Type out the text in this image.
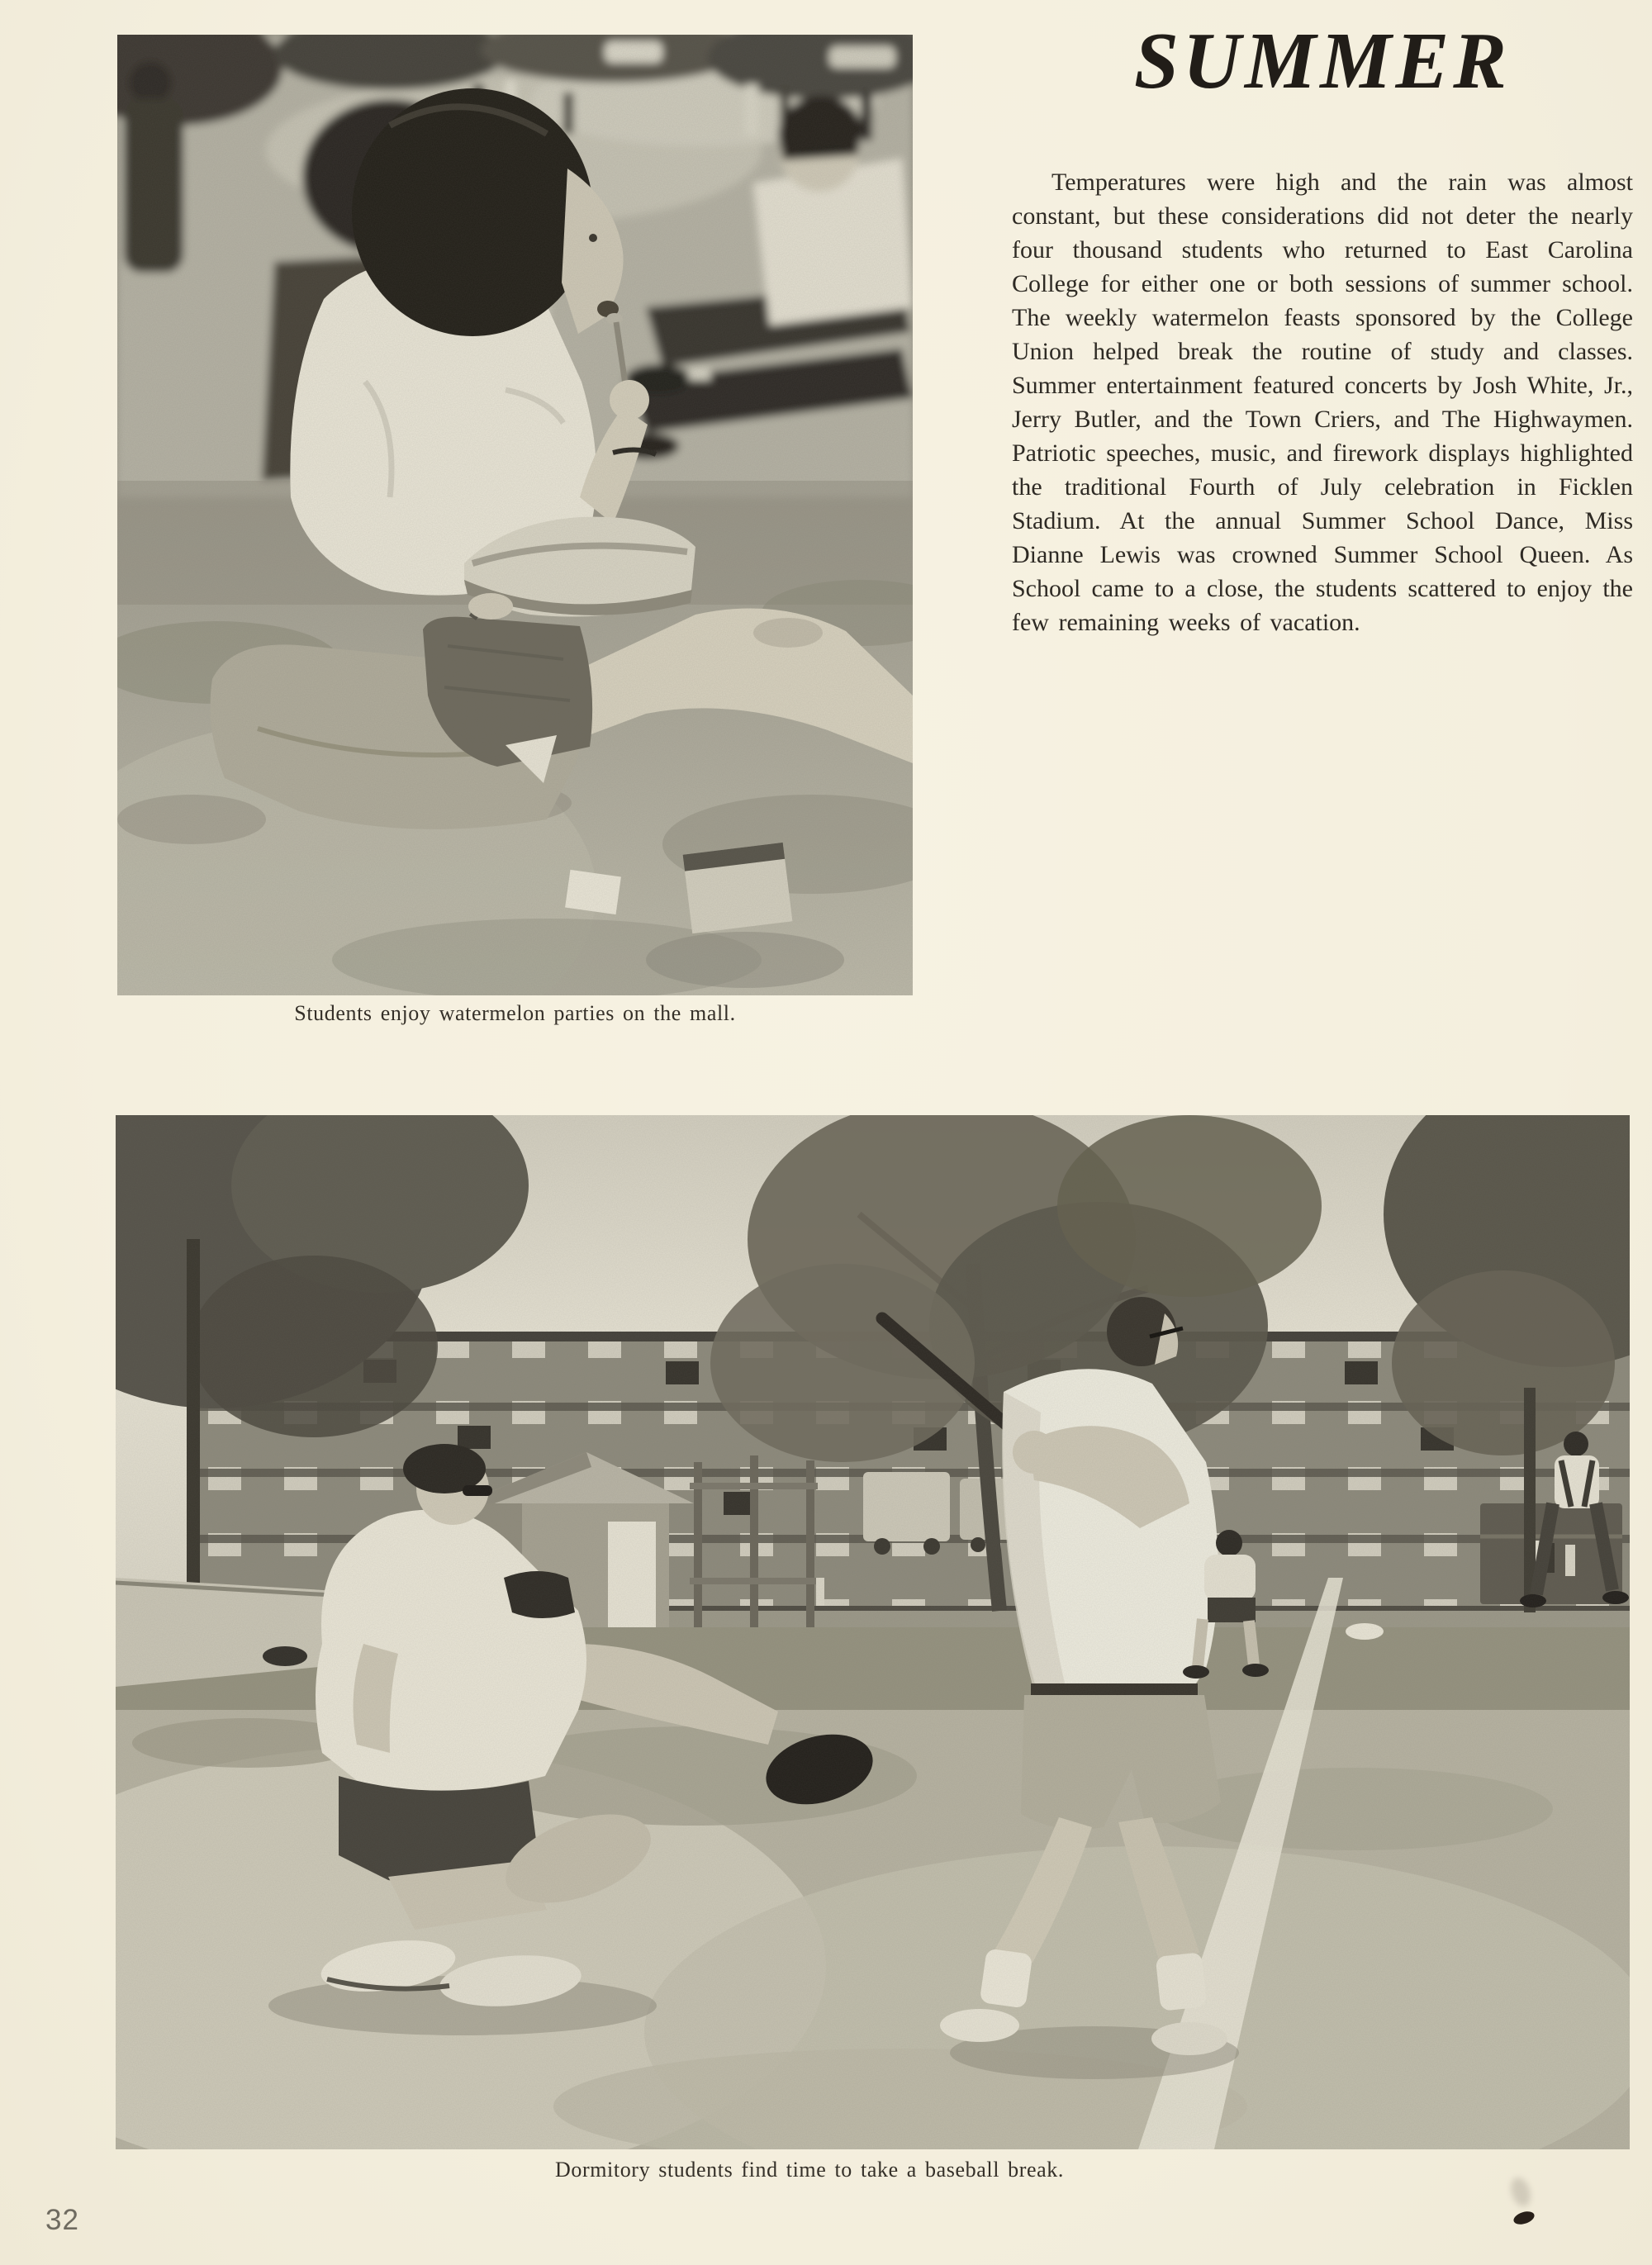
Students enjoy watermelon parties on the mall.

SUMMER

Temperatures were high and the rain was almost constant, but these considerations did not deter the nearly four thousand students who returned to East Carolina College for either one or both sessions of summer school. The weekly watermelon feasts sponsored by the College Union helped break the routine of study and classes. Summer entertainment featured concerts by Josh White, Jr., Jerry Butler, and the Town Criers, and The Highwaymen. Patriotic speeches, music, and firework displays highlighted the traditional Fourth of July celebration in Ficklen Stadium. At the annual Summer School Dance, Miss Dianne Lewis was crowned Summer School Queen. As School came to a close, the students scattered to enjoy the few remaining weeks of vacation.

Dormitory students find time to take a baseball break.

32
